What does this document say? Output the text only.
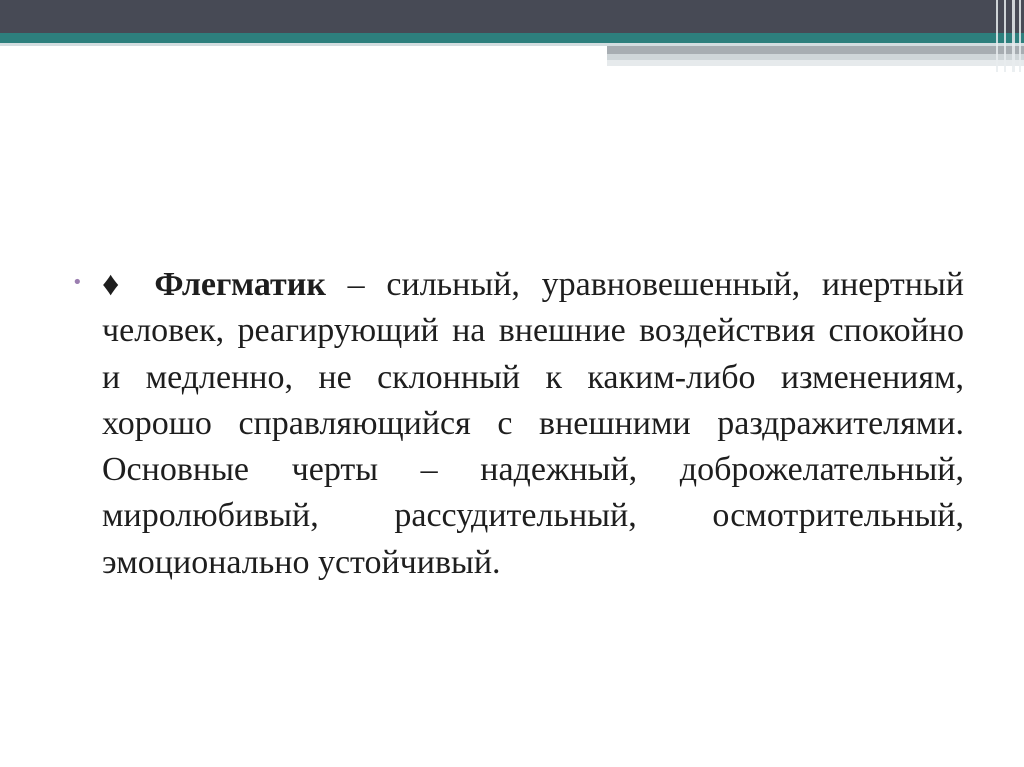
• ♦ Флегматик – сильный, уравновешенный, инертный человек, реагирующий на внешние воздействия спокойно и медленно, не склонный к каким-либо изменениям, хорошо справляющийся с внешними раздражителями. Основные черты – надежный, доброжелательный, миролюбивый, рассудительный, осмотрительный, эмоционально устойчивый.
